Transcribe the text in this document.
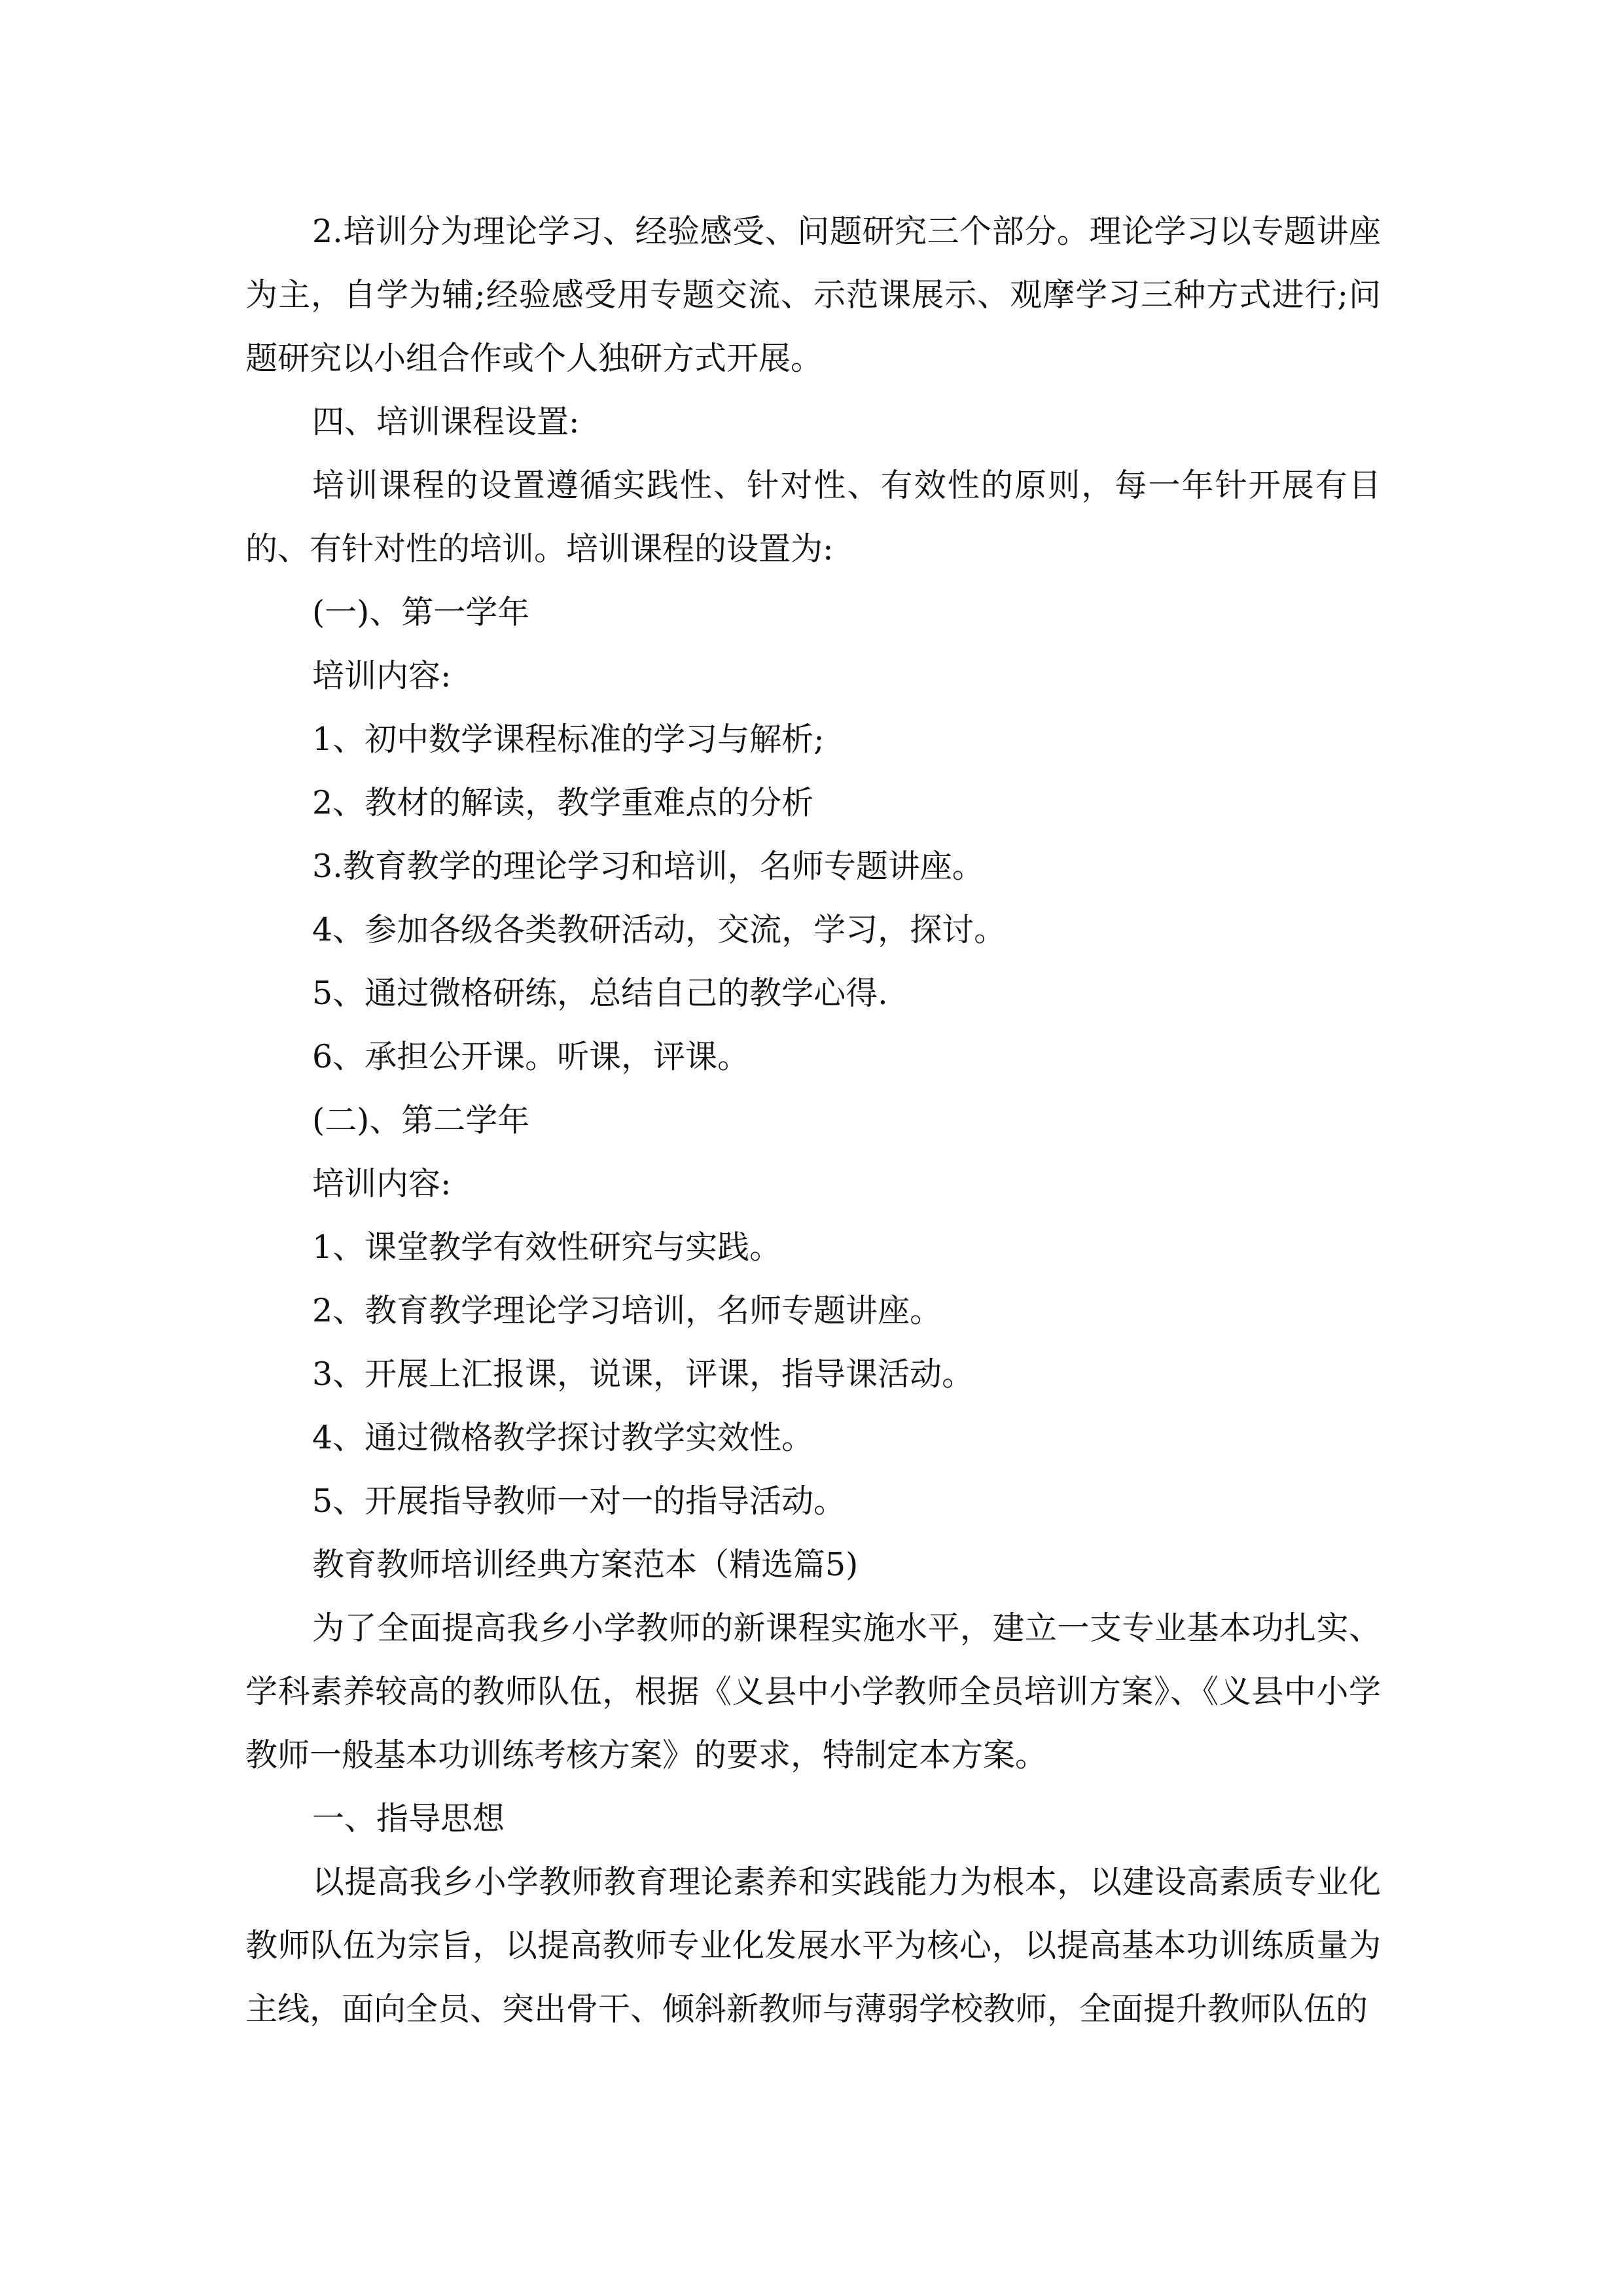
2.培训分为理论学习、经验感受、问题研究三个部分。理论学习以专题讲座为主，自学为辅;经验感受用专题交流、示范课展示、观摩学习三种方式进行;问题研究以小组合作或个人独研方式开展。

四、培训课程设置:

培训课程的设置遵循实践性、针对性、有效性的原则，每一年针开展有目的、有针对性的培训。培训课程的设置为:

(一)、第一学年

培训内容:

1、初中数学课程标准的学习与解析;

2、教材的解读，教学重难点的分析

3.教育教学的理论学习和培训，名师专题讲座。

4、参加各级各类教研活动，交流，学习，探讨。

5、通过微格研练，总结自己的教学心得.

6、承担公开课。听课，评课。

(二)、第二学年

培训内容:

1、课堂教学有效性研究与实践。

2、教育教学理论学习培训，名师专题讲座。

3、开展上汇报课，说课，评课，指导课活动。

4、通过微格教学探讨教学实效性。

5、开展指导教师一对一的指导活动。

教育教师培训经典方案范本（精选篇5)

为了全面提高我乡小学教师的新课程实施水平，建立一支专业基本功扎实、学科素养较高的教师队伍，根据《义县中小学教师全员培训方案》、《义县中小学教师一般基本功训练考核方案》的要求，特制定本方案。

一、指导思想

以提高我乡小学教师教育理论素养和实践能力为根本，以建设高素质专业化教师队伍为宗旨，以提高教师专业化发展水平为核心，以提高基本功训练质量为主线，面向全员、突出骨干、倾斜新教师与薄弱学校教师，全面提升教师队伍的
